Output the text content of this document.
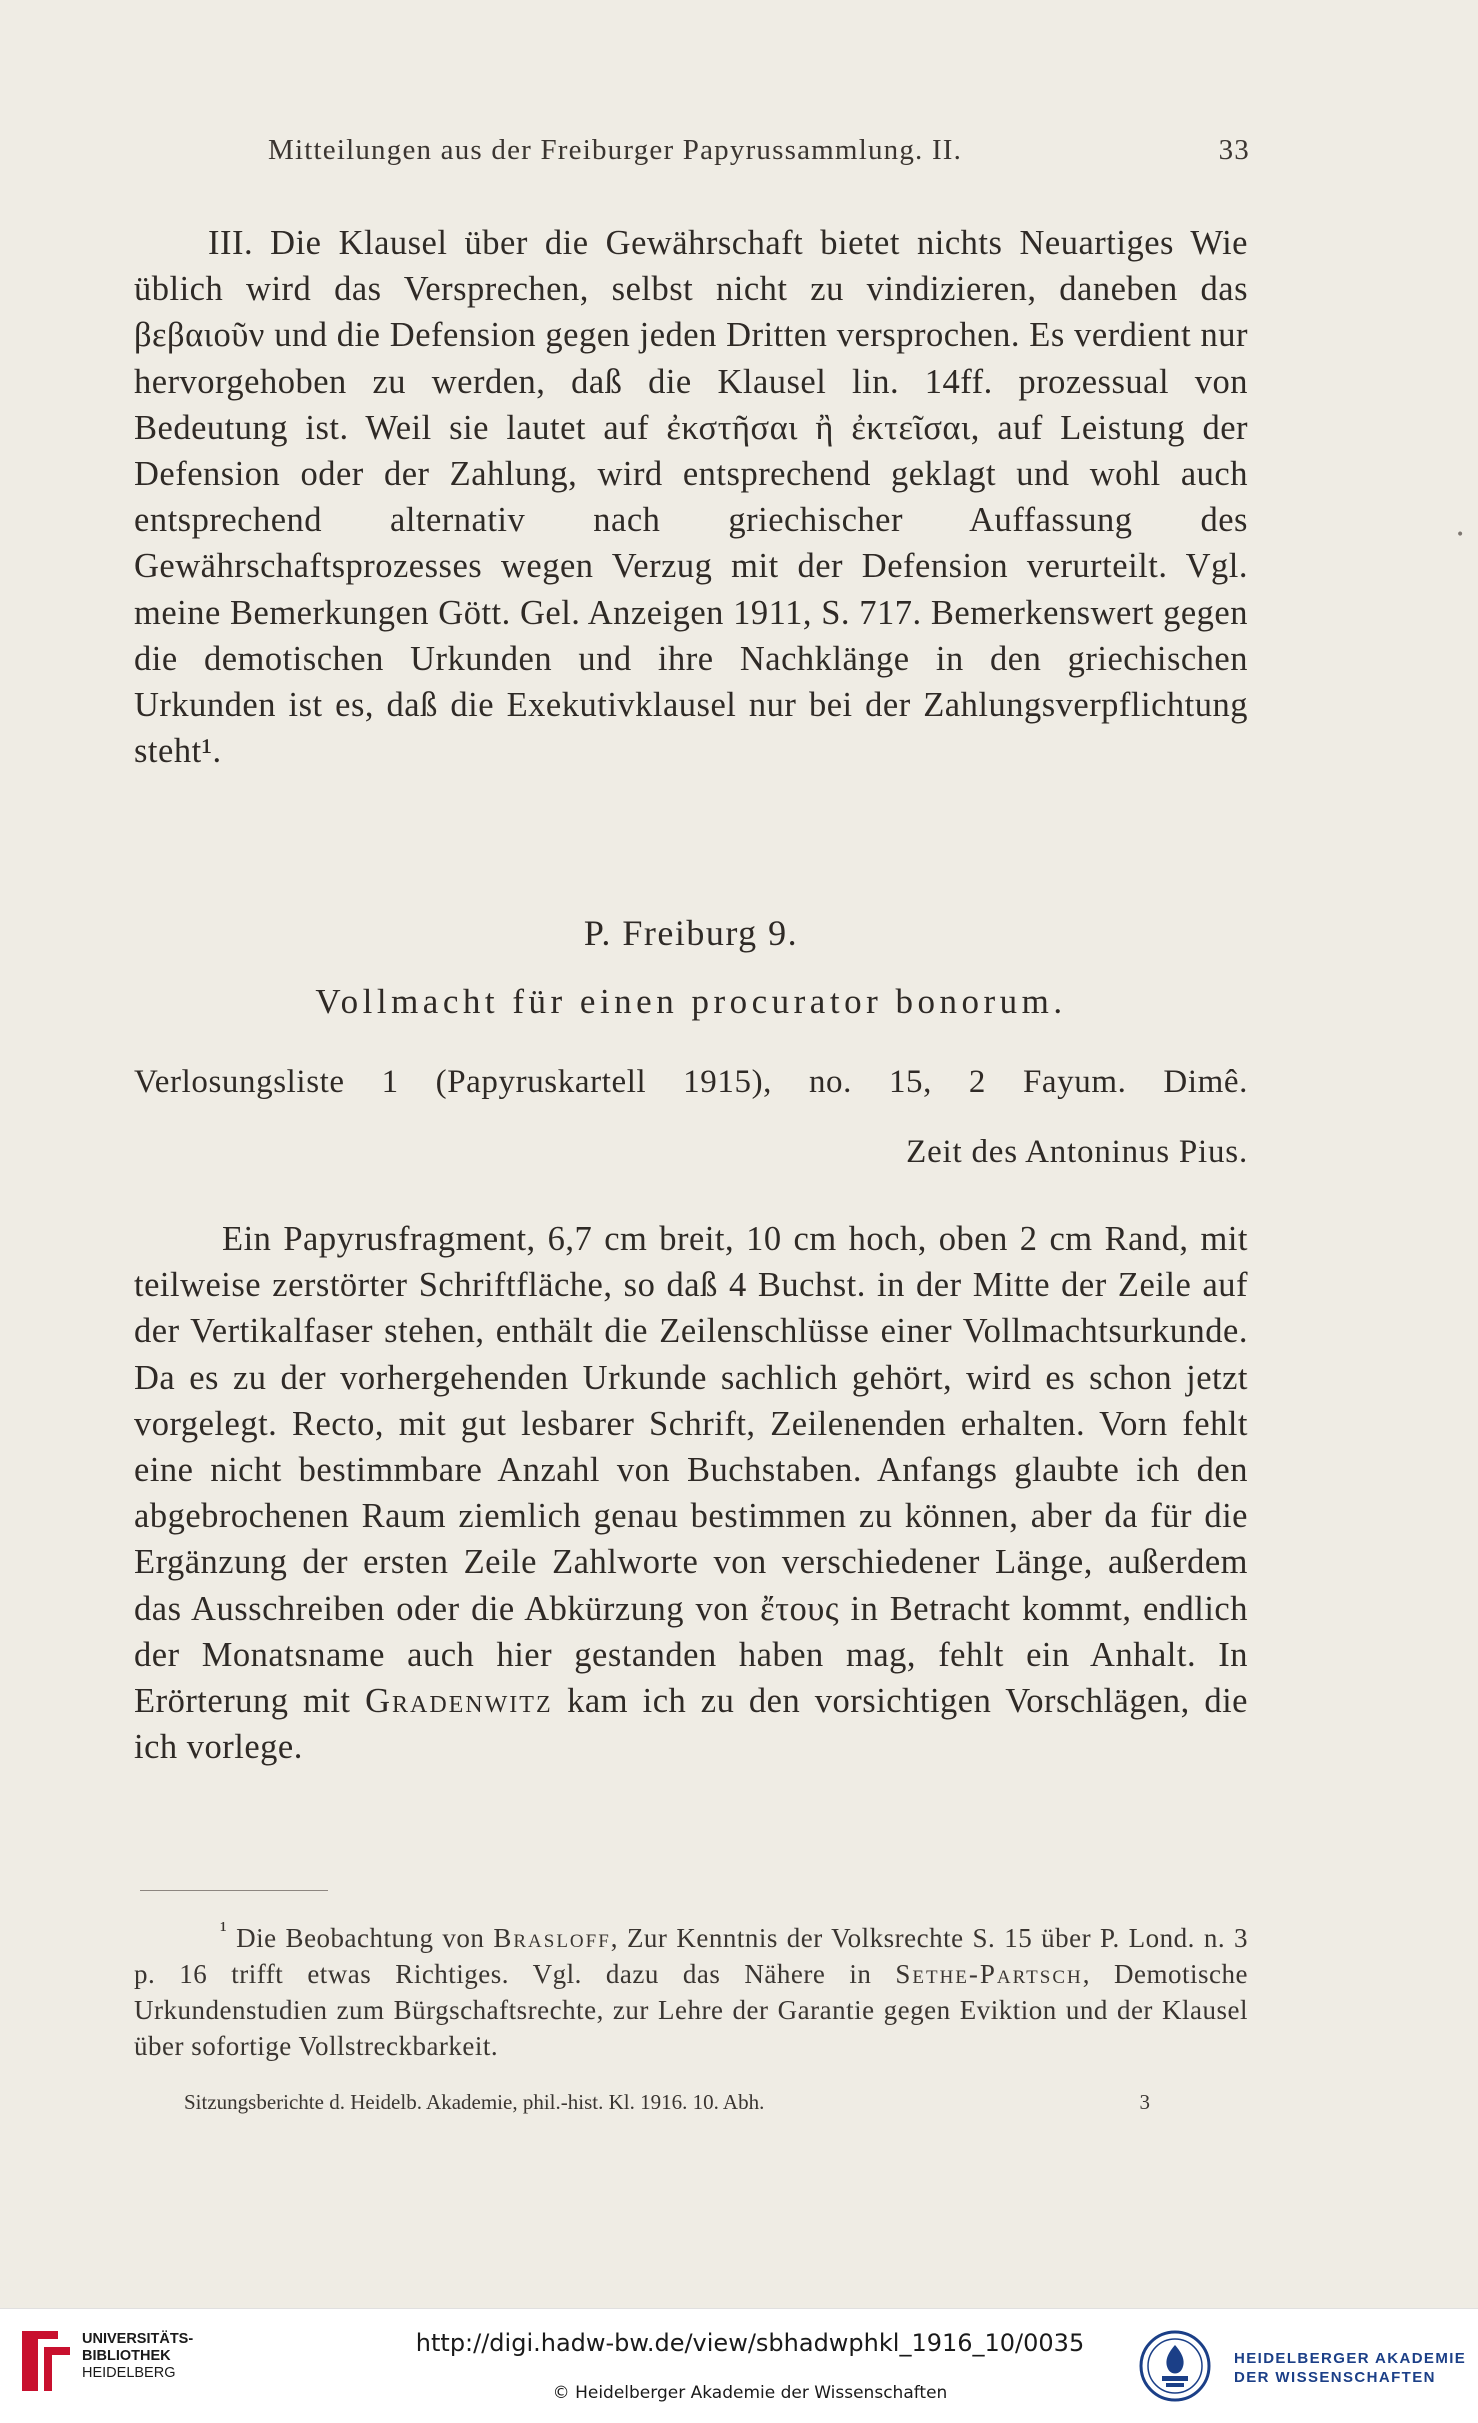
Mitteilungen aus der Freiburger Papyrussammlung. II.	33
III. Die Klausel über die Gewährschaft bietet nichts Neuartiges Wie üblich wird das Versprechen, selbst nicht zu vindizieren, daneben das βεβαιοῦν und die Defension gegen jeden Dritten versprochen. Es verdient nur hervorgehoben zu werden, daß die Klausel lin. 14ff. prozessual von Bedeutung ist. Weil sie lautet auf ἐκστῆσαι ἢ ἐκτεῖσαι, auf Leistung der Defension oder der Zahlung, wird entsprechend geklagt und wohl auch entsprechend alternativ nach griechischer Auffassung des Gewährschaftsprozesses wegen Verzug mit der Defension verurteilt. Vgl. meine Bemerkungen Gött. Gel. Anzeigen 1911, S. 717. Bemerkenswert gegen die demotischen Urkunden und ihre Nachklänge in den griechischen Urkunden ist es, daß die Exekutivklausel nur bei der Zahlungsverpflichtung steht¹.
•
P. Freiburg 9.
Vollmacht für einen procurator bonorum.
Verlosungsliste 1 (Papyruskartell 1915), no. 15, 2 Fayum. Dimê.
Zeit des Antoninus Pius.
Ein Papyrusfragment, 6,7 cm breit, 10 cm hoch, oben 2 cm Rand, mit teilweise zerstörter Schriftfläche, so daß 4 Buchst. in der Mitte der Zeile auf der Vertikalfaser stehen, enthält die Zeilenschlüsse einer Vollmachtsurkunde. Da es zu der vorhergehenden Urkunde sachlich gehört, wird es schon jetzt vorgelegt. Recto, mit gut lesbarer Schrift, Zeilenenden erhalten. Vorn fehlt eine nicht bestimmbare Anzahl von Buchstaben. Anfangs glaubte ich den abgebrochenen Raum ziemlich genau bestimmen zu können, aber da für die Ergänzung der ersten Zeile Zahlworte von verschiedener Länge, außerdem das Ausschreiben oder die Abkürzung von ἔτους in Betracht kommt, endlich der Monatsname auch hier gestanden haben mag, fehlt ein Anhalt. In Erörterung mit Gradenwitz kam ich zu den vorsichtigen Vorschlägen, die ich vorlege.
$^{^1}$ Die Beobachtung von Brasloff, Zur Kenntnis der Volksrechte S. 15 über P. Lond. n. 3 p. 16 trifft etwas Richtiges. Vgl. dazu das Nähere in Sethe-Partsch, Demotische Urkundenstudien zum Bürgschaftsrechte, zur Lehre der Garantie gegen Eviktion und der Klausel über sofortige Vollstreckbarkeit.
Sitzungsberichte d. Heidelb. Akademie, phil.-hist. Kl. 1916. 10. Abh.	3
UNIVERSITÄTS-
BIBLIOTHEK
HEIDELBERG
http://digi.hadw-bw.de/view/sbhadwphkl_1916_10/0035
© Heidelberger Akademie der Wissenschaften
HEIDELBERGER AKADEMIE
DER WISSENSCHAFTEN
